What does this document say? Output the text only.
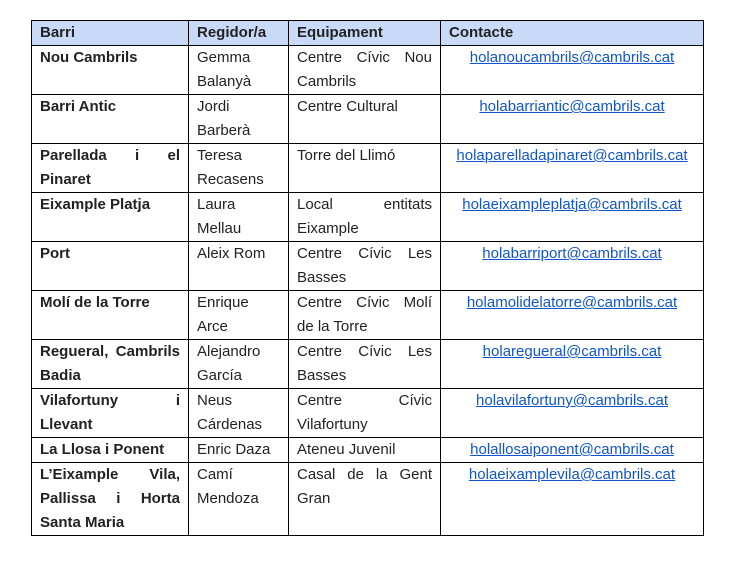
Barri	Regidor/a	Equipament	Contacte
Nou Cambrils	Gemma Balanyà	Centre Cívic Nou Cambrils	holanoucambrils@cambrils.cat
Barri Antic	Jordi Barberà	Centre Cultural	holabarriantic@cambrils.cat
Parellada i el Pinaret	Teresa Recasens	Torre del Llimó	holaparelladapinaret@cambrils.cat
Eixample Platja	Laura Mellau	Local entitats Eixample	holaeixampleplatja@cambrils.cat
Port	Aleix Rom	Centre Cívic Les Basses	holabarriport@cambrils.cat
Molí de la Torre	Enrique Arce	Centre Cívic Molí de la Torre	holamolidelatorre@cambrils.cat
Regueral, Cambrils Badia	Alejandro García	Centre Cívic Les Basses	holaregueral@cambrils.cat
Vilafortuny i Llevant	Neus Cárdenas	Centre Cívic Vilafortuny	holavilafortuny@cambrils.cat
La Llosa i Ponent	Enric Daza	Ateneu Juvenil	holallosaiponent@cambrils.cat
L’Eixample Vila, Pallissa i Horta Santa Maria	Camí Mendoza	Casal de la Gent Gran	holaeixamplevila@cambrils.cat
